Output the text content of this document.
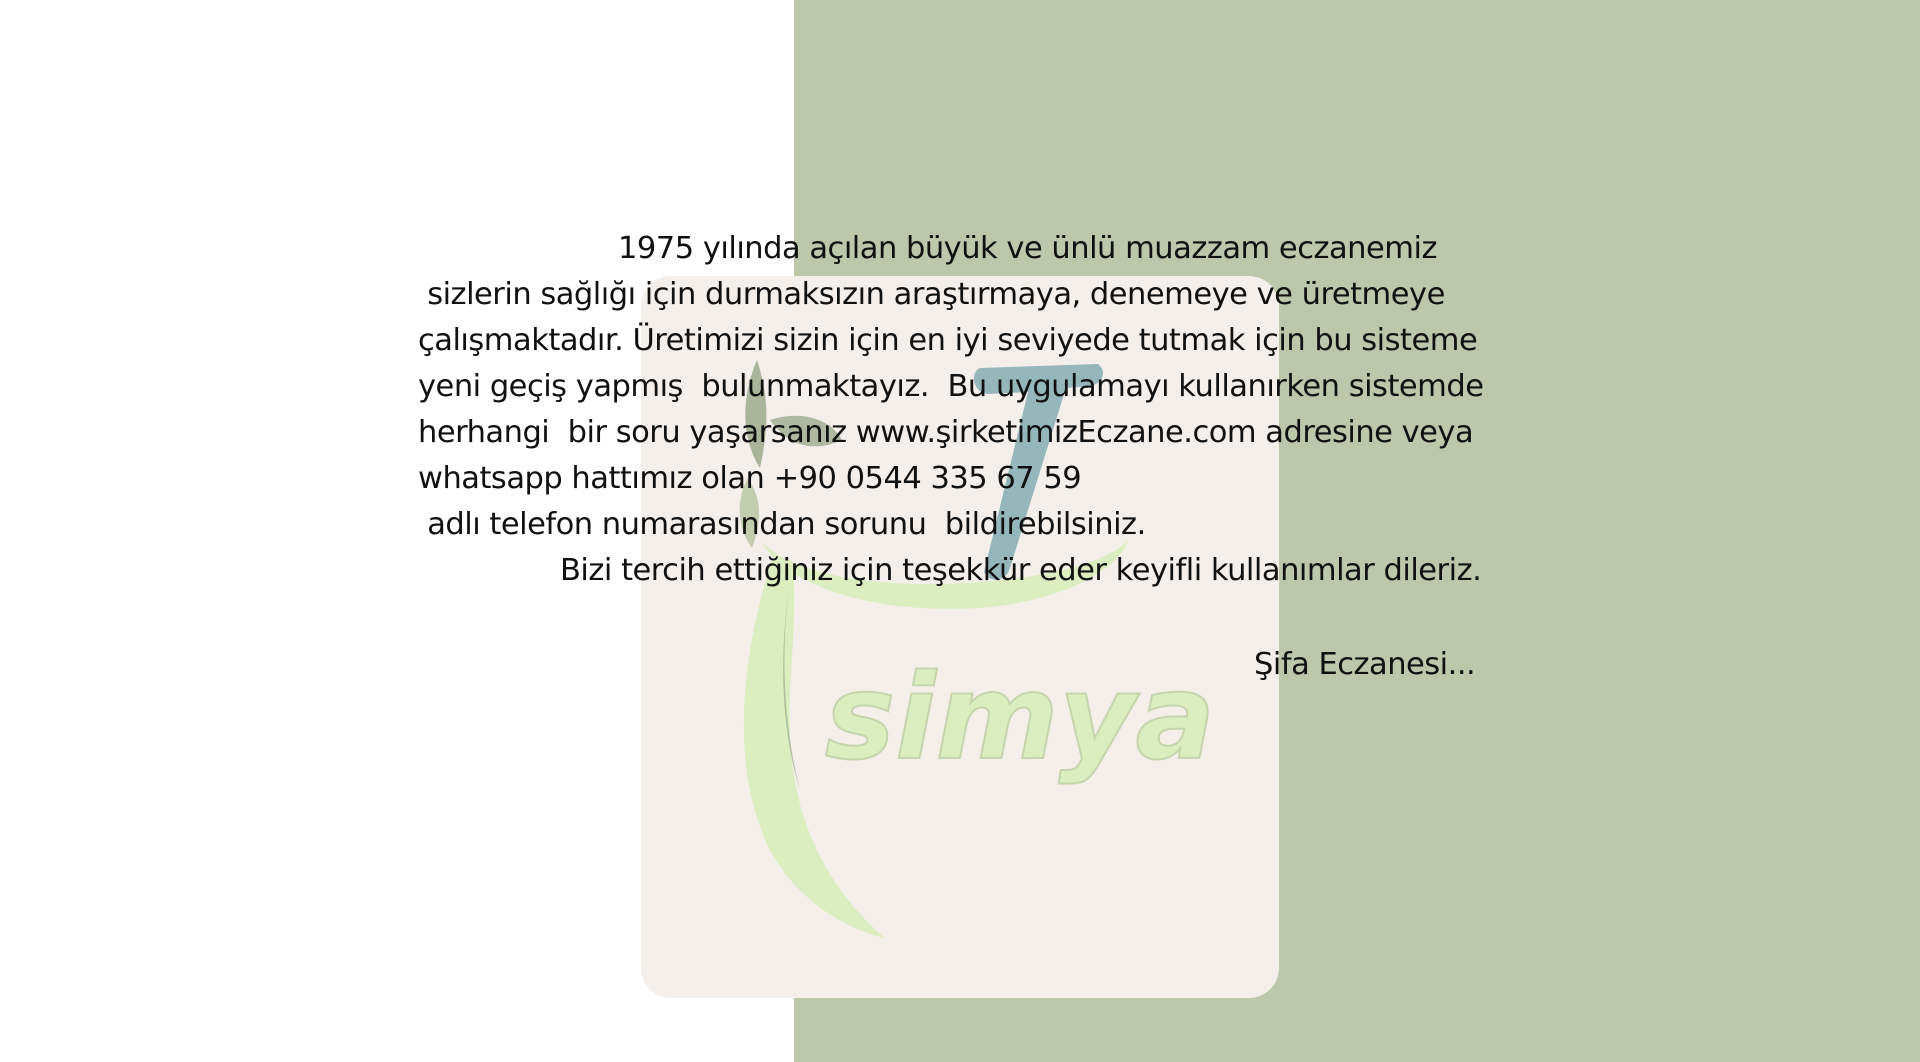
simya
1975 yılında açılan büyük ve ünlü muazzam eczanemiz
sizlerin sağlığı için durmaksızın araştırmaya, denemeye ve üretmeye
çalışmaktadır. Üretimizi sizin için en iyi seviyede tutmak için bu sisteme
yeni geçiş yapmış  bulunmaktayız.  Bu uygulamayı kullanırken sistemde
herhangi  bir soru yaşarsanız www.şirketimizEczane.com adresine veya
whatsapp hattımız olan +90 0544 335 67 59
adlı telefon numarasından sorunu  bildirebilsiniz.
Bizi tercih ettiğiniz için teşekkür eder keyifli kullanımlar dileriz.
Şifa Eczanesi...
